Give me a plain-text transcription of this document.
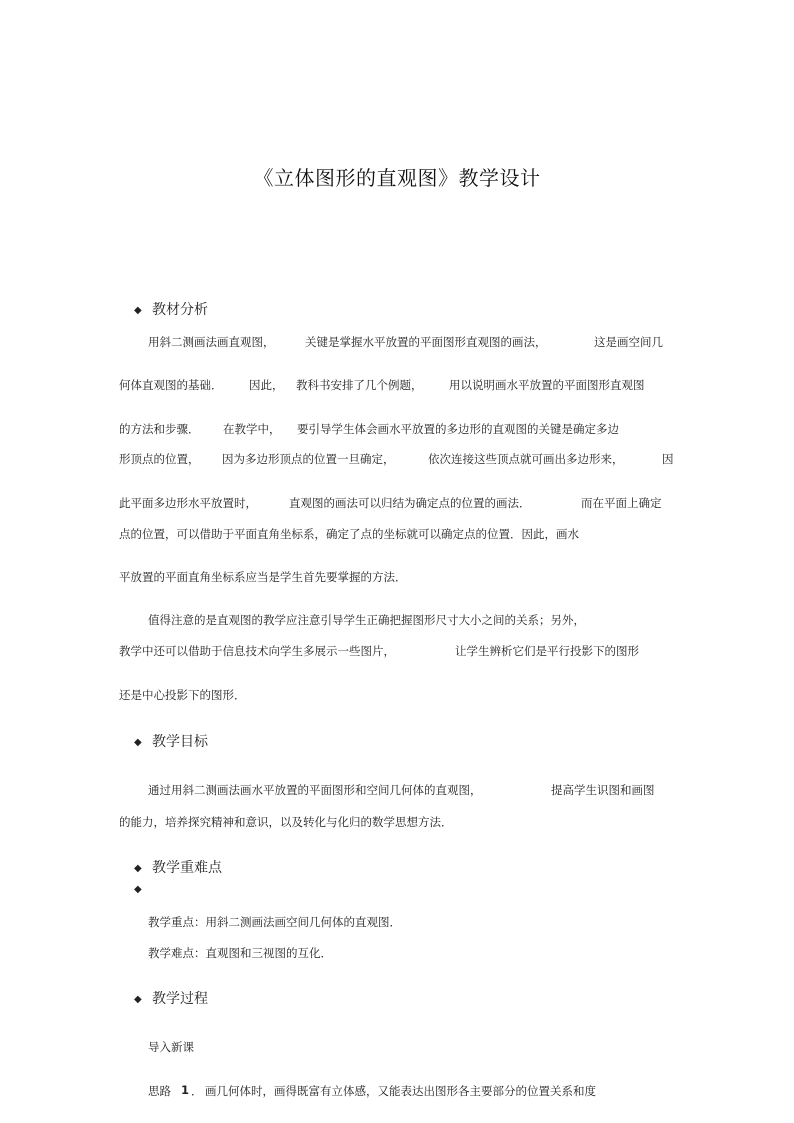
《立体图形的直观图》教学设计
◆ 教材分析
用斜二测画法画直观图，	关键是掌握水平放置的平面图形直观图的画法，	这是画空间几
何体直观图的基础． 因此， 教科书安排了几个例题， 用以说明画水平放置的平面图形直观图
的方法和步骤． 在教学中， 要引导学生体会画水平放置的多边形的直观图的关键是确定多边
形顶点的位置， 因为多边形顶点的位置一旦确定，	依次连接这些顶点就可画出多边形来，	因
此平面多边形水平放置时，	直观图的画法可以归结为确定点的位置的画法．	而在平面上确定
点的位置，可以借助于平面直角坐标系，确定了点的坐标就可以确定点的位置．因此，画水
平放置的平面直角坐标系应当是学生首先要掌握的方法．
值得注意的是直观图的教学应注意引导学生正确把握图形尺寸大小之间的关系；另外，
教学中还可以借助于信息技术向学生多展示一些图片，	让学生辨析它们是平行投影下的图形
还是中心投影下的图形．
◆ 教学目标
通过用斜二测画法画水平放置的平面图形和空间几何体的直观图，	提高学生识图和画图
的能力，培养探究精神和意识，以及转化与化归的数学思想方法．
◆ 教学重难点
◆
教学重点：用斜二测画法画空间几何体的直观图．
教学难点：直观图和三视图的互化．
◆ 教学过程
导入新课
思路 1 ． 画几何体时，画得既富有立体感，又能表达出图形各主要部分的位置关系和度
